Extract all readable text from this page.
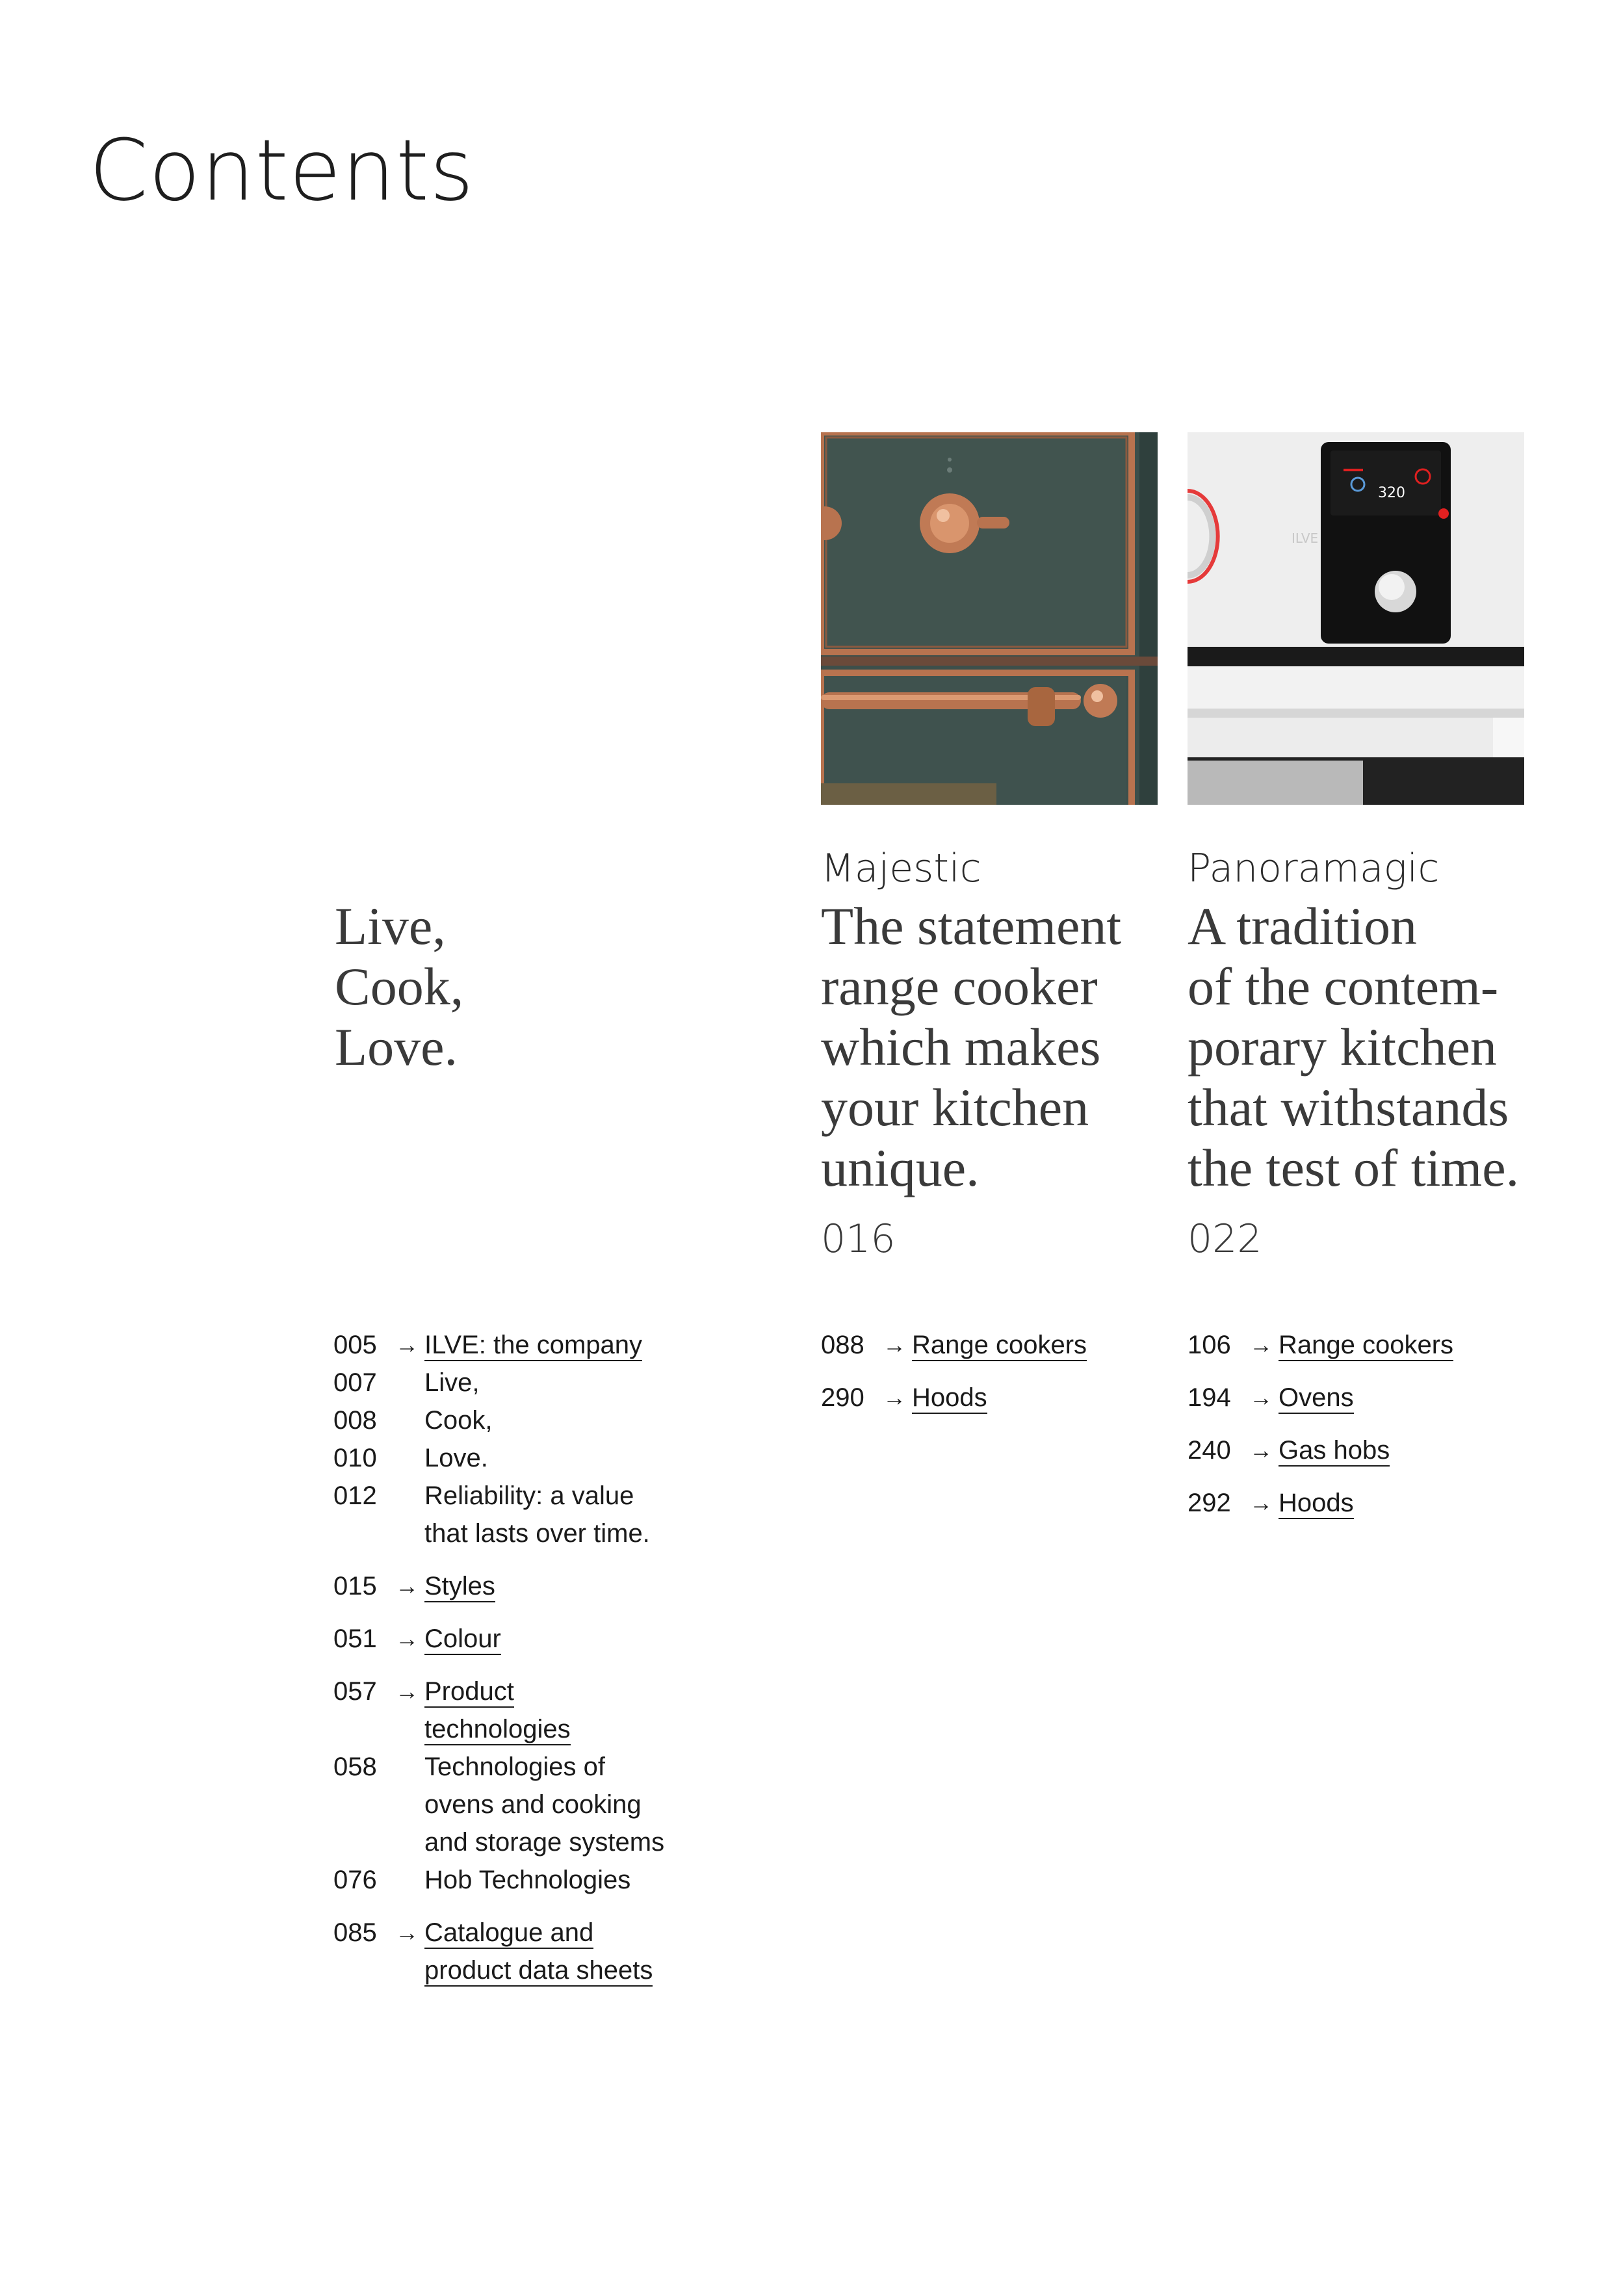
Contents
Live,
Cook,
Love.
320
ILVE
Majestic
The statement
range cooker
which makes
your kitchen
unique.
016
Panoramagic
A tradition
of the contem-
porary kitchen
that withstands
the test of time.
022
005 → ILVE: the company
007	Live,
008	Cook,
010	Love.
012	Reliability: a value
that lasts over time.
015 → Styles
051 → Colour
057 → Product
technologies
058	Technologies of
ovens and cooking
and storage systems
076	Hob Technologies
085 → Catalogue and
product data sheets
088 → Range cookers
290 → Hoods
106 → Range cookers
194 → Ovens
240 → Gas hobs
292 → Hoods
